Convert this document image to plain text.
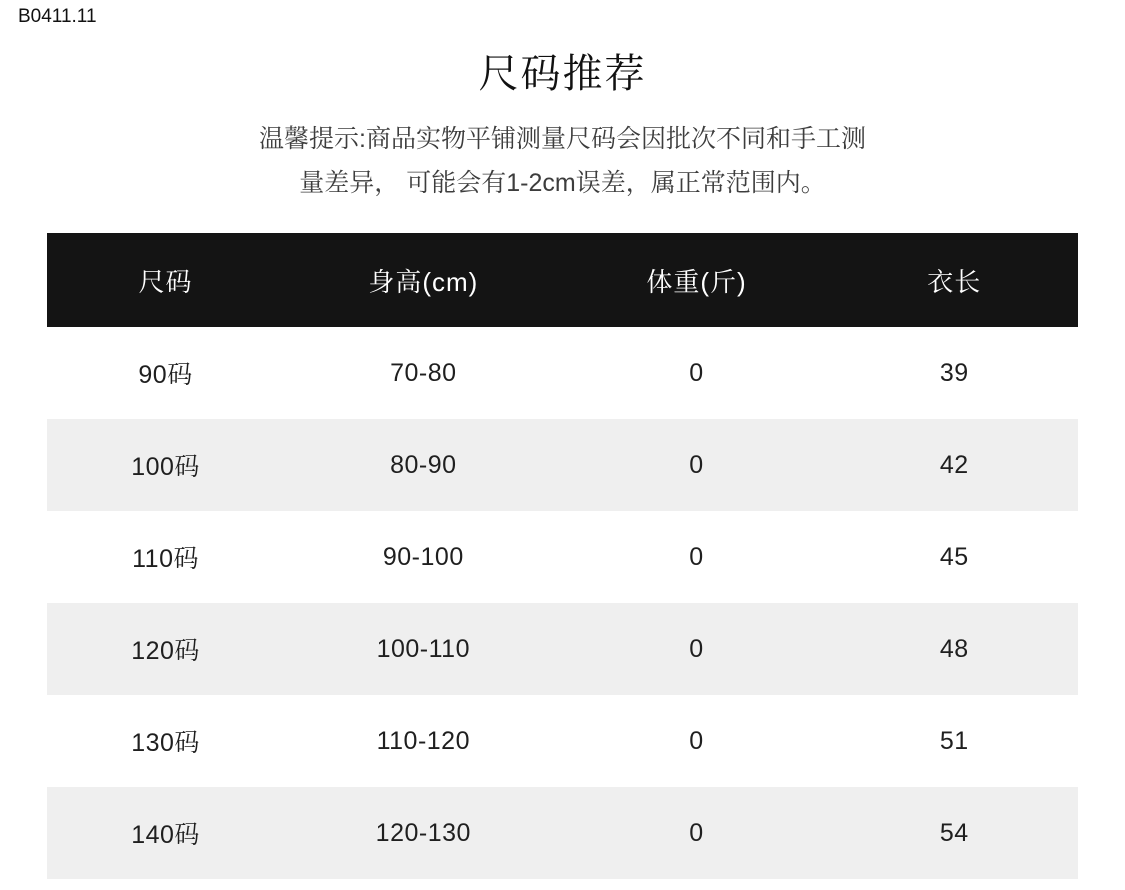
B0411.11
尺码推荐
温馨提示:商品实物平铺测量尺码会因批次不同和手工测
量差异， 可能会有1-2cm误差，属正常范围内。
尺码	身高(cm)	体重(斤)	衣长
90码	70-80	0	39
100码	80-90	0	42
110码	90-100	0	45
120码	100-110	0	48
130码	110-120	0	51
140码	120-130	0	54
